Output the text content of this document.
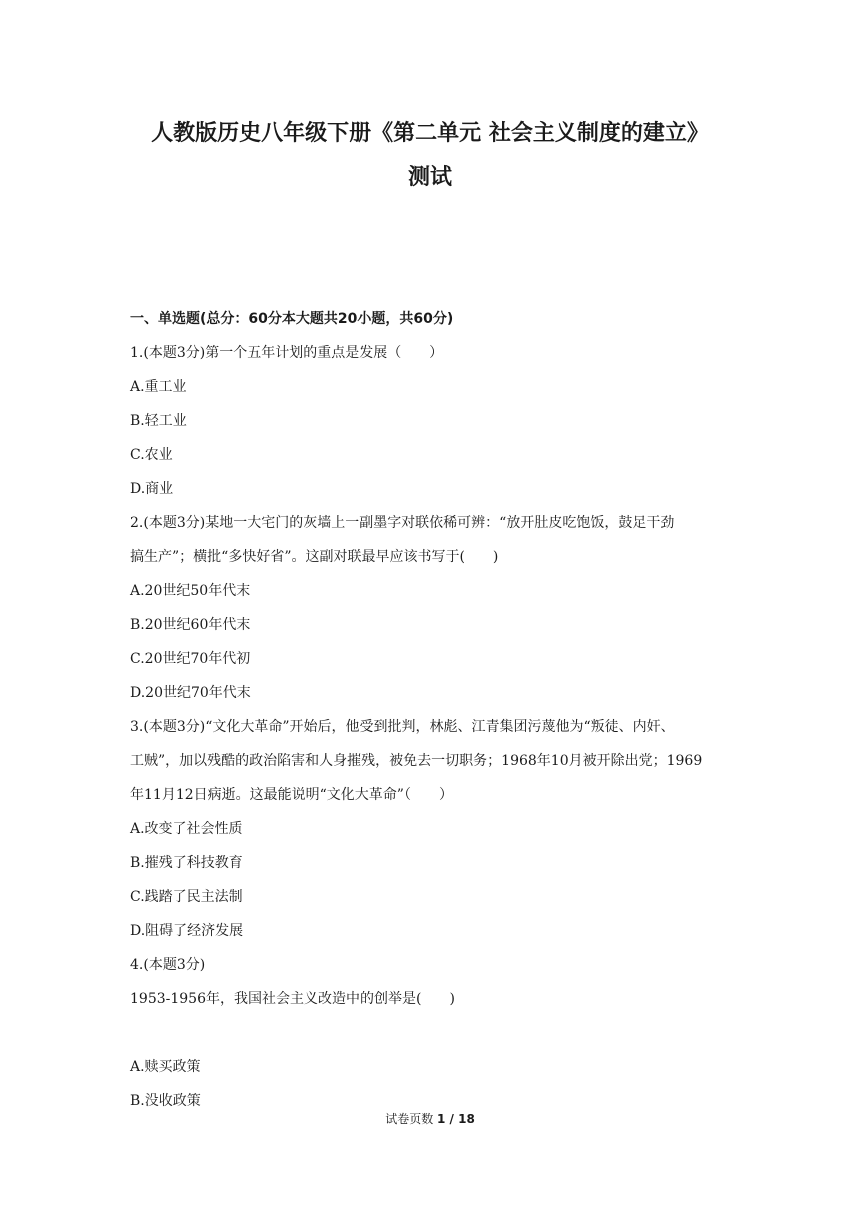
人教版历史八年级下册《第二单元 社会主义制度的建立》
测试
一、单选题(总分：60分本大题共20小题，共60分)
1.(本题3分)第一个五年计划的重点是发展（　　）
A.重工业
B.轻工业
C.农业
D.商业
2.(本题3分)某地一大宅门的灰墙上一副墨字对联依稀可辨：“放开肚皮吃饱饭，鼓足干劲
搞生产”；横批“多快好省”。这副对联最早应该书写于(　　)
A.20世纪50年代末
B.20世纪60年代末
C.20世纪70年代初
D.20世纪70年代末
3.(本题3分)“文化大革命”开始后，他受到批判，林彪、江青集团污蔑他为“叛徒、内奸、
工贼”，加以残酷的政治陷害和人身摧残，被免去一切职务；1968年10月被开除出党；1969
年11月12日病逝。这最能说明“文化大革命”（　　）
A.改变了社会性质
B.摧残了科技教育
C.践踏了民主法制
D.阻碍了经济发展
4.(本题3分)
1953-1956年，我国社会主义改造中的创举是(　　)
A.赎买政策
B.没收政策
试卷页数 1 / 18
